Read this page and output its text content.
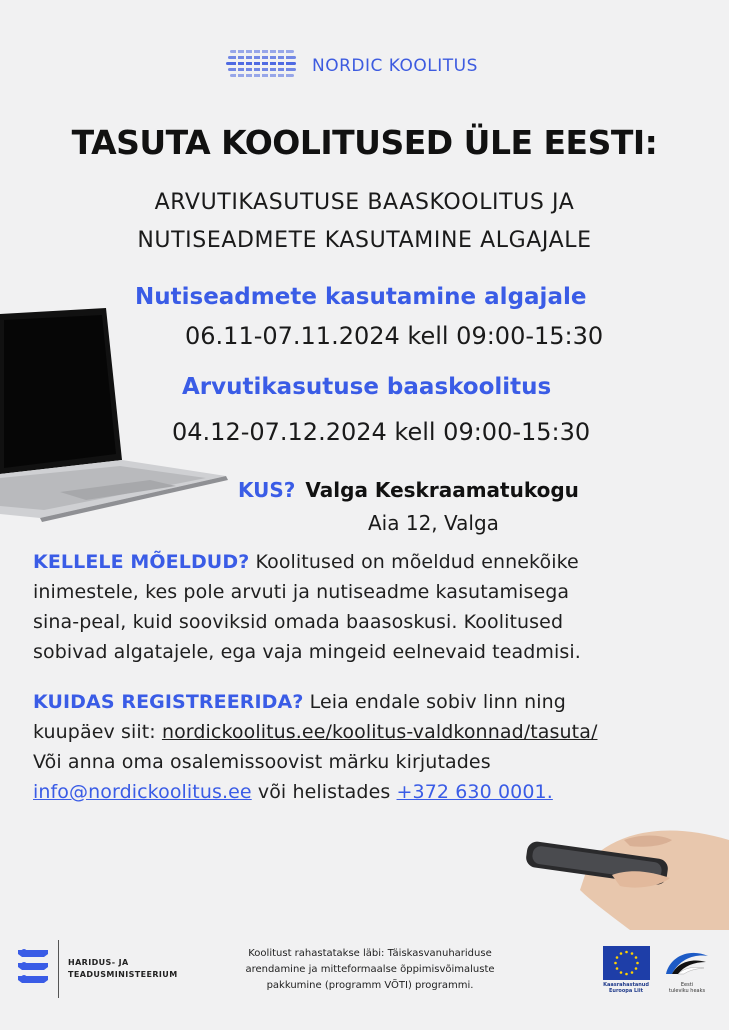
NORDIC KOOLITUS
TASUTA KOOLITUSED ÜLE EESTI:
ARVUTIKASUTUSE BAASKOOLITUS JA
NUTISEADMETE KASUTAMINE ALGAJALE
Nutiseadmete kasutamine algajale
06.11-07.11.2024 kell 09:00-15:30
Arvutikasutuse baaskoolitus
04.12-07.12.2024 kell 09:00-15:30
KUS? Valga Keskraamatukogu
Aia 12, Valga
KELLELE MÕELDUD? Koolitused on mõeldud ennekõike
inimestele, kes pole arvuti ja nutiseadme kasutamisega
sina-peal, kuid sooviksid omada baasoskusi. Koolitused
sobivad algatajele, ega vaja mingeid eelnevaid teadmisi.
KUIDAS REGISTREERIDA? Leia endale sobiv linn ning
kuupäev siit: nordickoolitus.ee/koolitus-valdkonnad/tasuta/
Või anna oma osalemissoovist märku kirjutades
info@nordickoolitus.ee või helistades +372 630 0001.
HARIDUS- JA
TEADUSMINISTEERIUM
Koolitust rahastatakse läbi: Täiskasvanuhariduse
arendamine ja mitteformaalse õppimisvõimaluste
pakkumine (programm VÕTI) programmi.	Kaasrahastanud
Euroopa Liit
Eesti
tuleviku heaks
